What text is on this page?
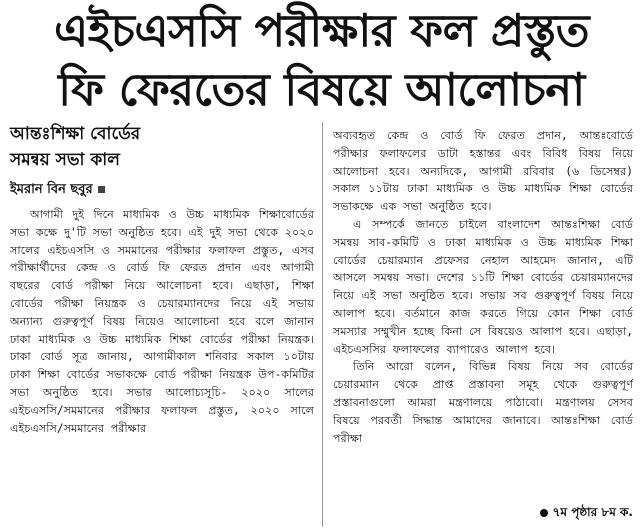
এইচএসসি পরীক্ষার ফল প্রস্তুত
ফি ফেরতের বিষয়ে আলোচনা
আন্তঃশিক্ষা বোর্ডের
সমন্বয় সভা কাল
ইমরান বিন ছবুর

আগামী দুই দিনে মাধ্যমিক ও উচ্চ মাধ্যমিক শিক্ষাবোর্ডের সভা কক্ষে দু'টি সভা অনুষ্ঠিত হবে। এই দুই সভা থেকে ২০২০ সালের এইচএসসি ও সমমানের পরীক্ষার ফলাফল প্রস্তুত, এসব পরীক্ষার্থীদের কেন্দ্র ও বোর্ড ফি ফেরত প্রদান এবং আগামী বছরের বোর্ড পরীক্ষা নিয়ে আলোচনা হবে। এছাড়া, শিক্ষা বোর্ডের পরীক্ষা নিয়ন্ত্রক ও চেয়ারম্যানদের নিয়ে এই সভায় অন্যান্য গুরুত্বপূর্ণ বিষয় নিয়েও আলোচনা হবে বলে জানান ঢাকা মাধ্যমিক ও উচ্চ মাধ্যমিক শিক্ষা বোর্ডের পরীক্ষা নিয়ন্ত্রক। ঢাকা বোর্ড সূত্র জানায়, আগামীকাল শনিবার সকাল ১০টায় ঢাকা শিক্ষা বোর্ডের সভাকক্ষে বোর্ড পরীক্ষা নিয়ন্ত্রক উপ-কমিটির সভা অনুষ্ঠিত হবে। সভার আলোচ্যসূচি- ২০২০ সালের এইচএসসি/সমমানের পরীক্ষার ফলাফল প্রস্তুত, ২০২০ সালে এইচএসসি/সমমানের পরীক্ষার

অব্যবহৃত কেন্দ্র ও বোর্ড ফি ফেরত প্রদান, আন্তঃবোর্ডে পরীক্ষার ফলাফলের ডাটা হস্তান্তর এবং বিবিধ বিষয় নিয়ে আলোচনা হবে। অন্যদিকে, আগামী রবিবার (৬ ডিসেম্বর) সকাল ১১টায় ঢাকা মাধ্যমিক ও উচ্চ মাধ্যমিক শিক্ষা বোর্ডের সভাকক্ষে এক সভা অনুষ্ঠিত হবে।

এ সম্পর্কে জানতে চাইলে বাংলাদেশ আন্তঃশিক্ষা বোর্ড সমন্বয় সাব-কমিটি ও ঢাকা মাধ্যমিক ও উচ্চ মাধ্যমিক শিক্ষা বোর্ডের চেয়ারম্যান প্রফেসর নেহাল আহমেদ জানান, এটি আসলে সমন্বয় সভা। দেশের ১১টি শিক্ষা বোর্ডের চেয়ারম্যানদের নিয়ে এই সভা অনুষ্ঠিত হবে। সভায় সব গুরুত্বপূর্ণ বিষয় নিয়ে আলাপ হবে। বর্তমানে কাজ করতে গিয়ে কোন শিক্ষা বোর্ড সমস্যার সম্মুখীন হচ্ছে কিনা সে বিষয়েও আলাপ হবে। এছাড়া, এইচএসসির ফলাফলের ব্যাপারেও আলাপ হবে।

তিনি আরো বলেন, বিভিন্ন বিষয় নিয়ে সব বোর্ডের চেয়ারম্যান থেকে প্রাপ্ত প্রস্তাবনা সমূহ থেকে গুরুত্বপূর্ণ প্রস্তাবনাগুলো আমরা মন্ত্রণালয়ে পাঠাবো। মন্ত্রণালয় সেসব বিষয়ে পরবর্তী সিদ্ধান্ত আমাদের জানাবে। আন্তঃশিক্ষা বোর্ড পরীক্ষা

৭ম পৃষ্ঠার ৮ম ক.
